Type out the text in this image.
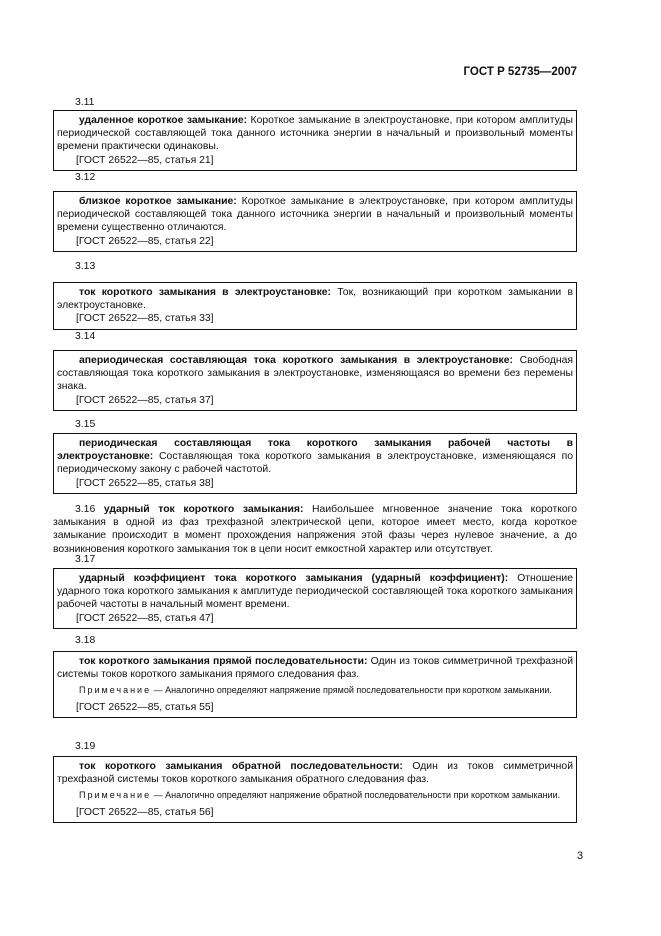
ГОСТ Р 52735—2007
3.11

удаленное короткое замыкание: Короткое замыкание в электроустановке, при котором амплитуды периодической составляющей тока данного источника энергии в начальный и произвольный моменты времени практически одинаковы.

[ГОСТ 26522—85, статья 21]

3.12

близкое короткое замыкание: Короткое замыкание в электроустановке, при котором амплитуды периодической составляющей тока данного источника энергии в начальный и произвольный моменты времени существенно отличаются.

[ГОСТ 26522—85, статья 22]

3.13

ток короткого замыкания в электроустановке: Ток, возникающий при коротком замыкании в электроустановке.

[ГОСТ 26522—85, статья 33]

3.14

апериодическая составляющая тока короткого замыкания в электроустановке: Свободная составляющая тока короткого замыкания в электроустановке, изменяющаяся во времени без перемены знака.

[ГОСТ 26522—85, статья 37]

3.15

периодическая составляющая тока короткого замыкания рабочей частоты в электроустановке: Составляющая тока короткого замыкания в электроустановке, изменяющаяся по периодическому закону с рабочей частотой.

[ГОСТ 26522—85, статья 38]

3.16 ударный ток короткого замыкания: Наибольшее мгновенное значение тока короткого замыкания в одной из фаз трехфазной электрической цепи, которое имеет место, когда короткое замыкание происходит в момент прохождения напряжения этой фазы через нулевое значение, а до возникновения короткого замыкания ток в цепи носит емкостной характер или отсутствует.

3.17

ударный коэффициент тока короткого замыкания (ударный коэффициент): Отношение ударного тока короткого замыкания к амплитуде периодической составляющей тока короткого замыкания рабочей частоты в начальный момент времени.

[ГОСТ 26522—85, статья 47]

3.18

ток короткого замыкания прямой последовательности: Один из токов симметричной трехфазной системы токов короткого замыкания прямого следования фаз.

Примечание — Аналогично определяют напряжение прямой последовательности при коротком замыкании.

[ГОСТ 26522—85, статья 55]

3.19

ток короткого замыкания обратной последовательности: Один из токов симметричной трехфазной системы токов короткого замыкания обратного следования фаз.

Примечание — Аналогично определяют напряжение обратной последовательности при коротком замыкании.

[ГОСТ 26522—85, статья 56]

3
